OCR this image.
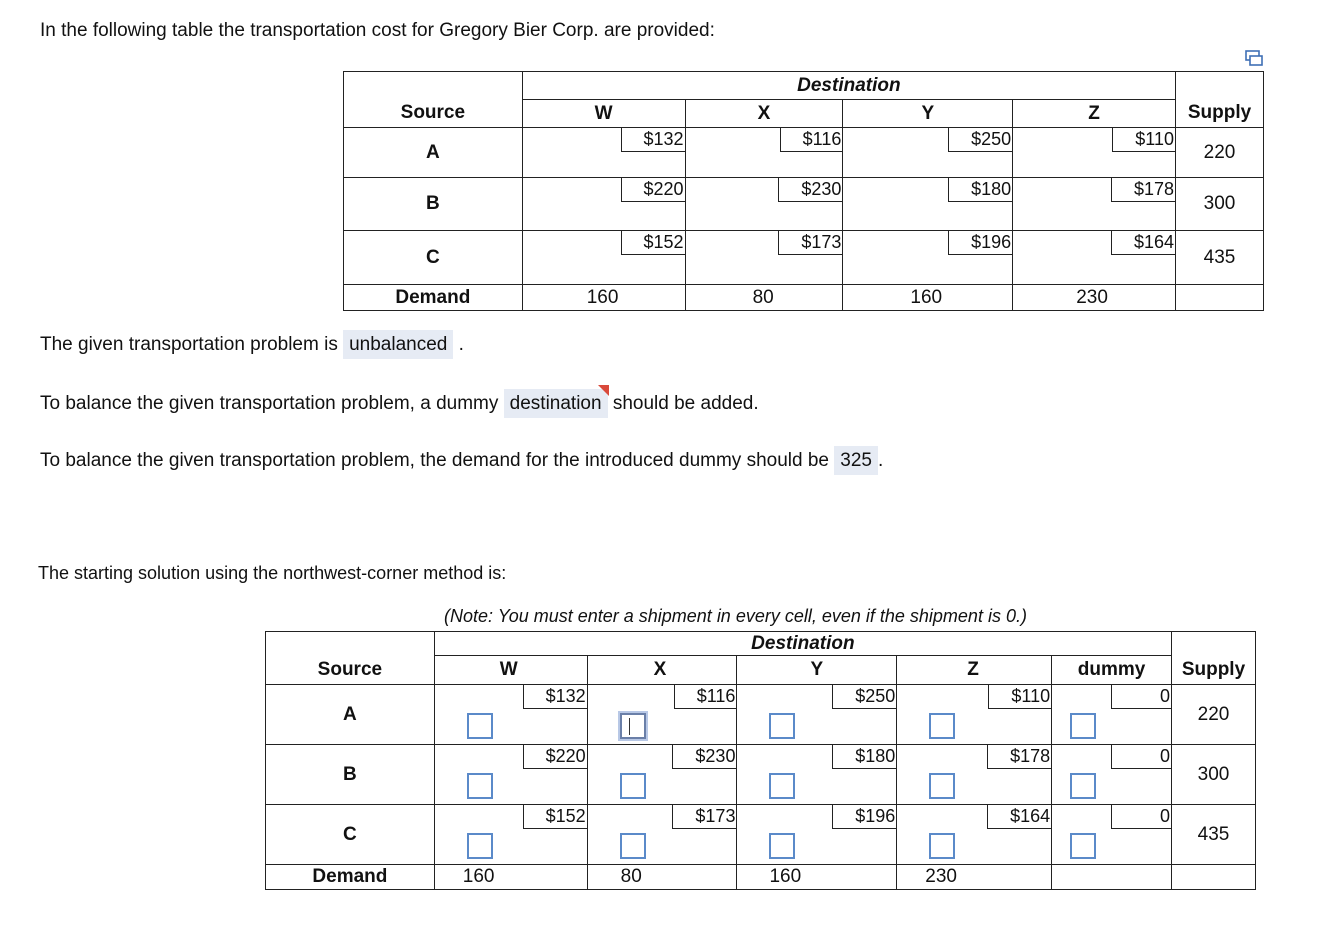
In the following table the transportation cost for Gregory Bier Corp. are provided:
	Destination				
Source	W	X	Y	Z	Supply
A	$132	$116	$250	$110	220
B	$220	$230	$180	$178	300
C	$152	$173	$196	$164	435
Demand	160	80	160	230	
The given transportation problem is unbalanced .
To balance the given transportation problem, a dummy destination should be added.
To balance the given transportation problem, the demand for the introduced dummy should be 325 .
The starting solution using the northwest-corner method is:
(Note: You must enter a shipment in every cell, even if the shipment is 0.)
	Destination					
Source	W	X	Y	Z	dummy	Supply
A	$132	$116	$250	$110	0	220
B	$220	$230	$180	$178	0	300
C	$152	$173	$196	$164	0	435
Demand	160	80	160	230		
